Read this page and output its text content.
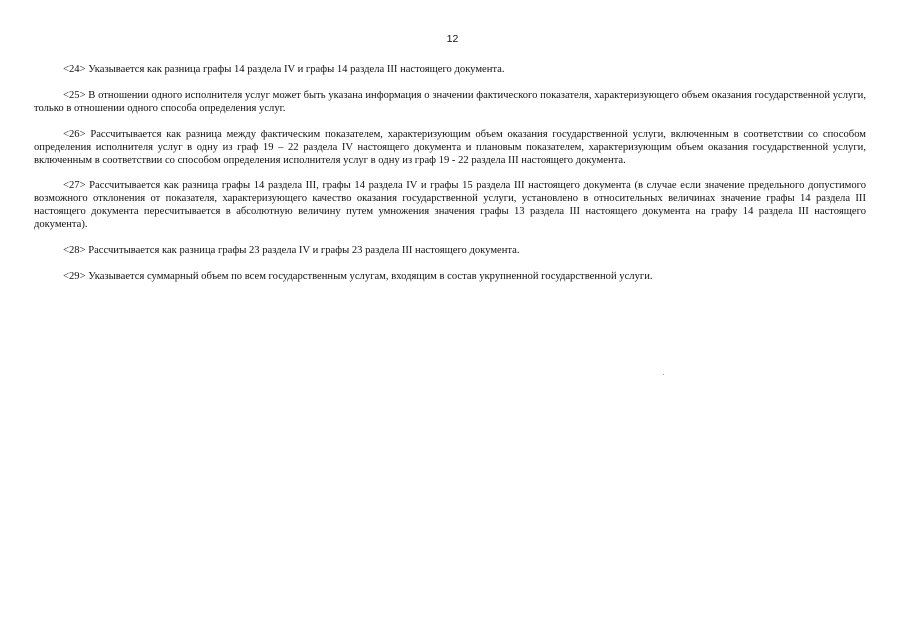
12

<24> Указывается как разница графы 14 раздела IV и графы 14 раздела III настоящего документа.

<25> В отношении одного исполнителя услуг может быть указана информация о значении фактического показателя, характеризующего объем оказания государственной услуги, только в отношении одного способа определения услуг.

<26> Рассчитывается как разница между фактическим показателем, характеризующим объем оказания государственной услуги, включенным в соответствии со способом определения исполнителя услуг в одну из граф 19 – 22 раздела IV настоящего документа и плановым показателем, характеризующим объем оказания государственной услуги, включенным в соответствии со способом определения исполнителя услуг в одну из граф 19 - 22 раздела III настоящего документа.

<27> Рассчитывается как разница графы 14 раздела III, графы 14 раздела IV и графы 15 раздела III настоящего документа (в случае если значение предельного допустимого возможного отклонения от показателя, характеризующего качество оказания государственной услуги, установлено в относительных величинах значение графы 14 раздела III настоящего документа пересчитывается в абсолютную величину путем умножения значения графы 13 раздела III настоящего документа на графу 14 раздела III настоящего документа).

<28> Рассчитывается как разница графы 23 раздела IV и графы 23 раздела III настоящего документа.

<29> Указывается суммарный объем по всем государственным услугам, входящим в состав укрупненной государственной услуги.
